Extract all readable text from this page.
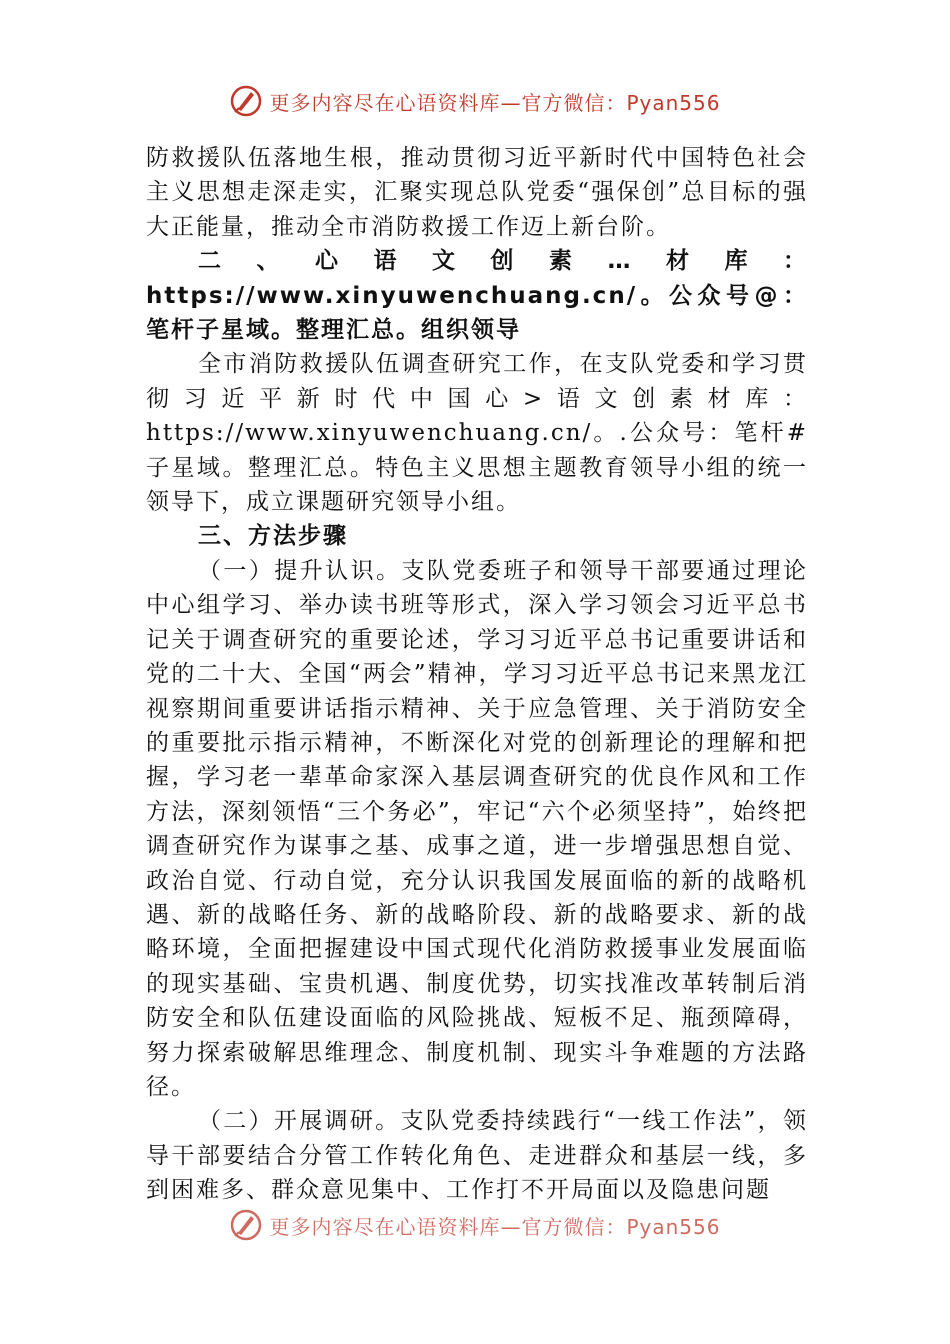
更多内容尽在心语资料库—官方微信：Pyan556

防救援队伍落地生根，推动贯彻习近平新时代中国特色社会主义思想走深走实，汇聚实现总队党委“强保创”总目标的强大正能量，推动全市消防救援工作迈上新台阶。

二、心语文创素…材库：https://www.xinyuwenchuang.cn/。公众号@：笔杆子星域。整理汇总。组织领导

全市消防救援队伍调查研究工作，在支队党委和学习贯彻习近平新时代中国心>语文创素材库：https://www.xinyuwenchuang.cn/。.公众号：笔杆#子星域。整理汇总。特色主义思想主题教育领导小组的统一领导下，成立课题研究领导小组。

三、方法步骤

（一）提升认识。支队党委班子和领导干部要通过理论中心组学习、举办读书班等形式，深入学习领会习近平总书记关于调查研究的重要论述，学习习近平总书记重要讲话和党的二十大、全国“两会”精神，学习习近平总书记来黑龙江视察期间重要讲话指示精神、关于应急管理、关于消防安全的重要批示指示精神，不断深化对党的创新理论的理解和把握，学习老一辈革命家深入基层调查研究的优良作风和工作方法，深刻领悟“三个务必”，牢记“六个必须坚持”，始终把调查研究作为谋事之基、成事之道，进一步增强思想自觉、政治自觉、行动自觉，充分认识我国发展面临的新的战略机遇、新的战略任务、新的战略阶段、新的战略要求、新的战略环境，全面把握建设中国式现代化消防救援事业发展面临的现实基础、宝贵机遇、制度优势，切实找准改革转制后消防安全和队伍建设面临的风险挑战、短板不足、瓶颈障碍，努力探索破解思维理念、制度机制、现实斗争难题的方法路径。

（二）开展调研。支队党委持续践行“一线工作法”，领导干部要结合分管工作转化角色、走进群众和基层一线，多到困难多、群众意见集中、工作打不开局面以及隐患问题

更多内容尽在心语资料库—官方微信：Pyan556
